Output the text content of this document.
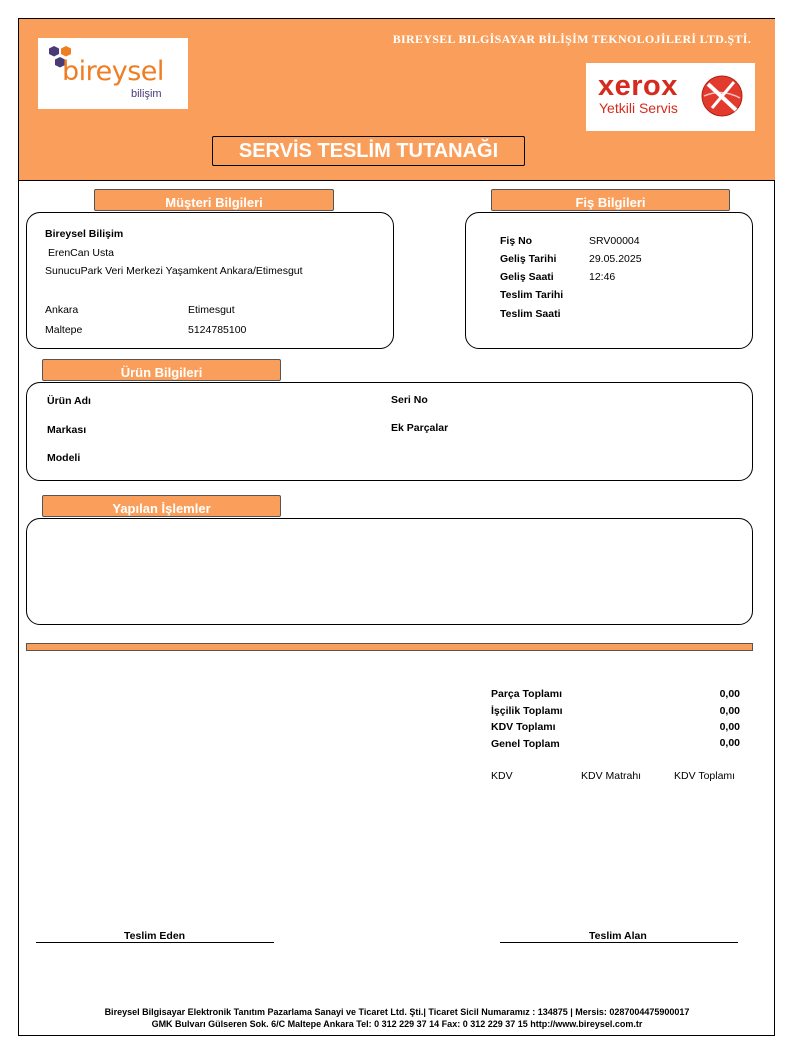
BIREYSEL BILGİSAYAR BİLİŞİM TEKNOLOJİLERİ LTD.ŞTİ.
bireysel
bilişim	xerox
Yetkili Servis
SERVİS TESLİM TUTANAĞI
Müşteri Bilgileri
Bireysel Bilişim
ErenCan Usta
SunucuPark Veri Merkezi Yaşamkent Ankara/Etimesgut
Ankara	Etimesgut
Maltepe	5124785100
Fiş Bilgileri
Fiş No	SRV00004
Geliş Tarihi	29.05.2025
Geliş Saati	12:46
Teslim Tarihi
Teslim Saati
Ürün Bilgileri
Ürün Adı
Markası
Modeli
Seri No
Ek Parçalar
Yapılan İşlemler
Parça Toplamı	0,00
İşçilik Toplamı	0,00
KDV Toplamı	0,00
Genel Toplam	0,00
KDV	KDV Matrahı	KDV Toplamı
Teslim Eden	Teslim Alan
Bireysel Bilgisayar Elektronik Tanıtım Pazarlama Sanayi ve Ticaret Ltd. Şti.| Ticaret Sicil Numaramız : 134875 | Mersis: 0287004475900017
GMK Bulvarı Gülseren Sok. 6/C Maltepe Ankara Tel: 0 312 229 37 14 Fax: 0 312 229 37 15 http://www.bireysel.com.tr
